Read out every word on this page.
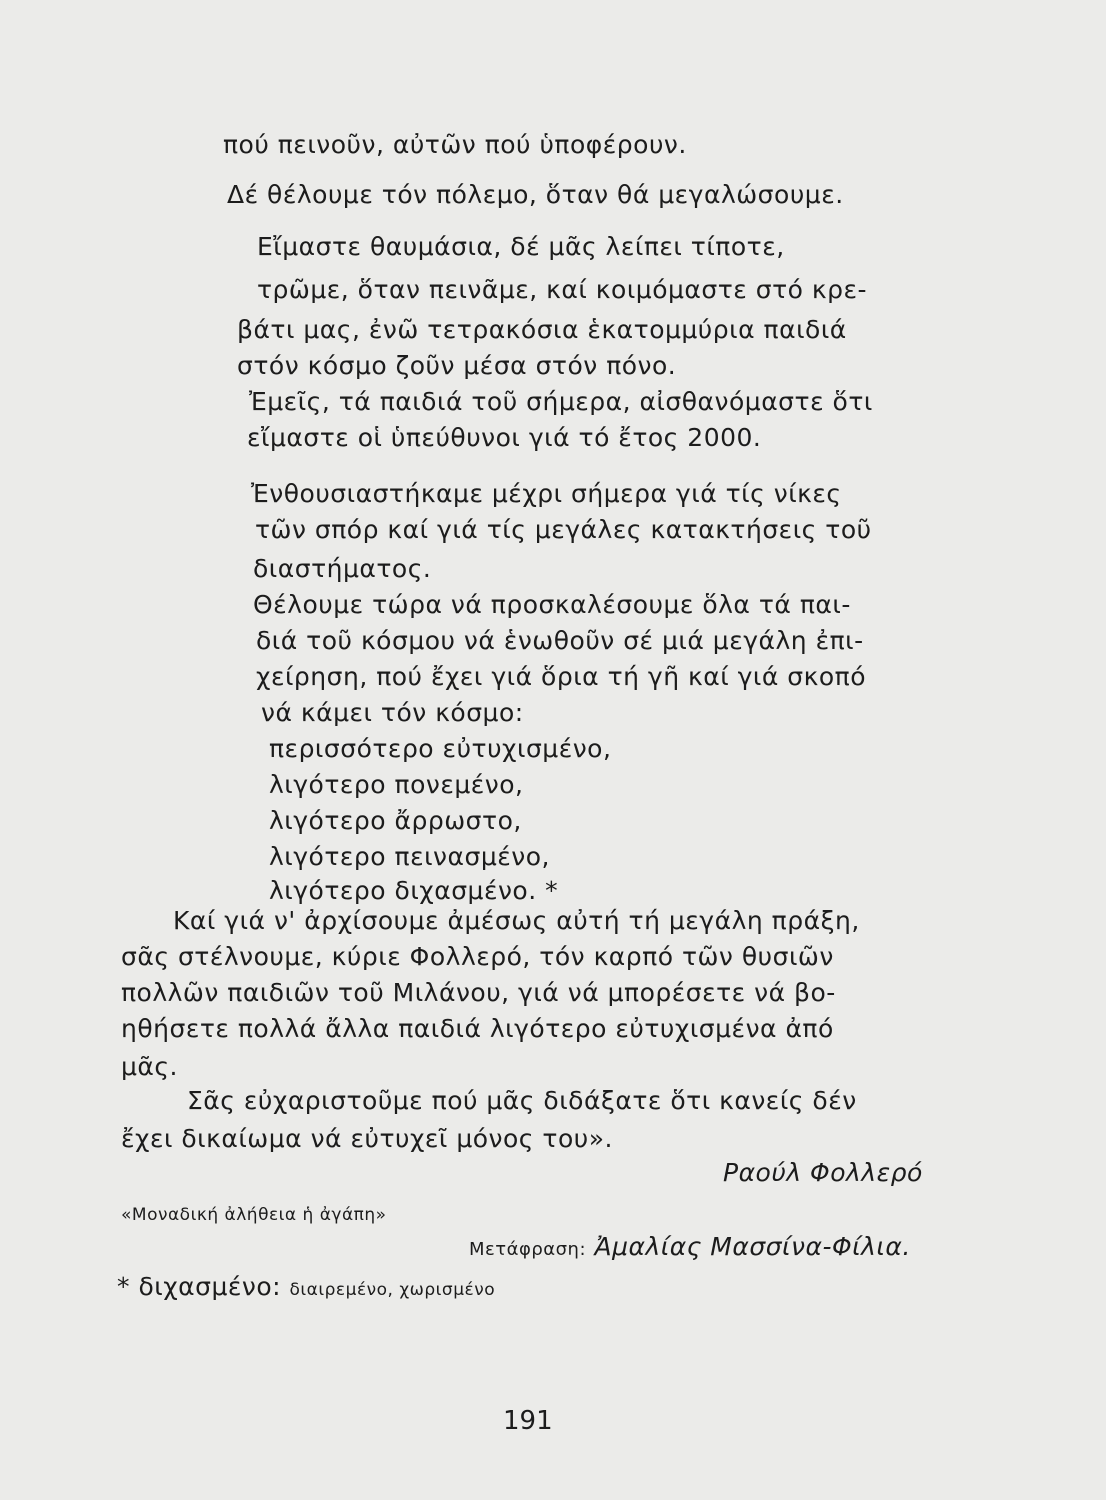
πού πεινοῦν, αὐτῶν πού ὑποφέρουν.
Δέ θέλουμε τόν πόλεμο, ὅταν θά μεγαλώσουμε.
Εἴμαστε θαυμάσια, δέ μᾶς λείπει τίποτε,
τρῶμε, ὅταν πεινᾶμε, καί κοιμόμαστε στό κρε-
βάτι μας, ἐνῶ τετρακόσια ἑκατομμύρια παιδιά
στόν κόσμο ζοῦν μέσα στόν πόνο.
Ἐμεῖς, τά παιδιά τοῦ σήμερα, αἰσθανόμαστε ὅτι
εἴμαστε οἱ ὑπεύθυνοι γιά τό ἔτος 2000.
Ἐνθουσιαστήκαμε μέχρι σήμερα γιά τίς νίκες
τῶν σπόρ καί γιά τίς μεγάλες κατακτήσεις τοῦ
διαστήματος.
Θέλουμε τώρα νά προσκαλέσουμε ὅλα τά παι-
διά τοῦ κόσμου νά ἑνωθοῦν σέ μιά μεγάλη ἐπι-
χείρηση, πού ἔχει γιά ὅρια τή γῆ καί γιά σκοπό
νά κάμει τόν κόσμο:
περισσότερο εὐτυχισμένο,
λιγότερο πονεμένο,
λιγότερο ἄρρωστο,
λιγότερο πεινασμένο,
λιγότερο διχασμένο. *
Καί γιά ν' ἀρχίσουμε ἀμέσως αὐτή τή μεγάλη πράξη,
σᾶς στέλνουμε, κύριε Φολλερό, τόν καρπό τῶν θυσιῶν
πολλῶν παιδιῶν τοῦ Μιλάνου, γιά νά μπορέσετε νά βο-
ηθήσετε πολλά ἄλλα παιδιά λιγότερο εὐτυχισμένα ἀπό
μᾶς.
Σᾶς εὐχαριστοῦμε πού μᾶς διδάξατε ὅτι κανείς δέν
ἔχει δικαίωμα νά εὐτυχεῖ μόνος του».
Ραούλ Φολλερό
«Μοναδική ἀλήθεια ἡ ἀγάπη»
Μετάφραση: Ἀμαλίας Μασσίνα-Φίλια.
* διχασμένο: διαιρεμένο, χωρισμένο
191
